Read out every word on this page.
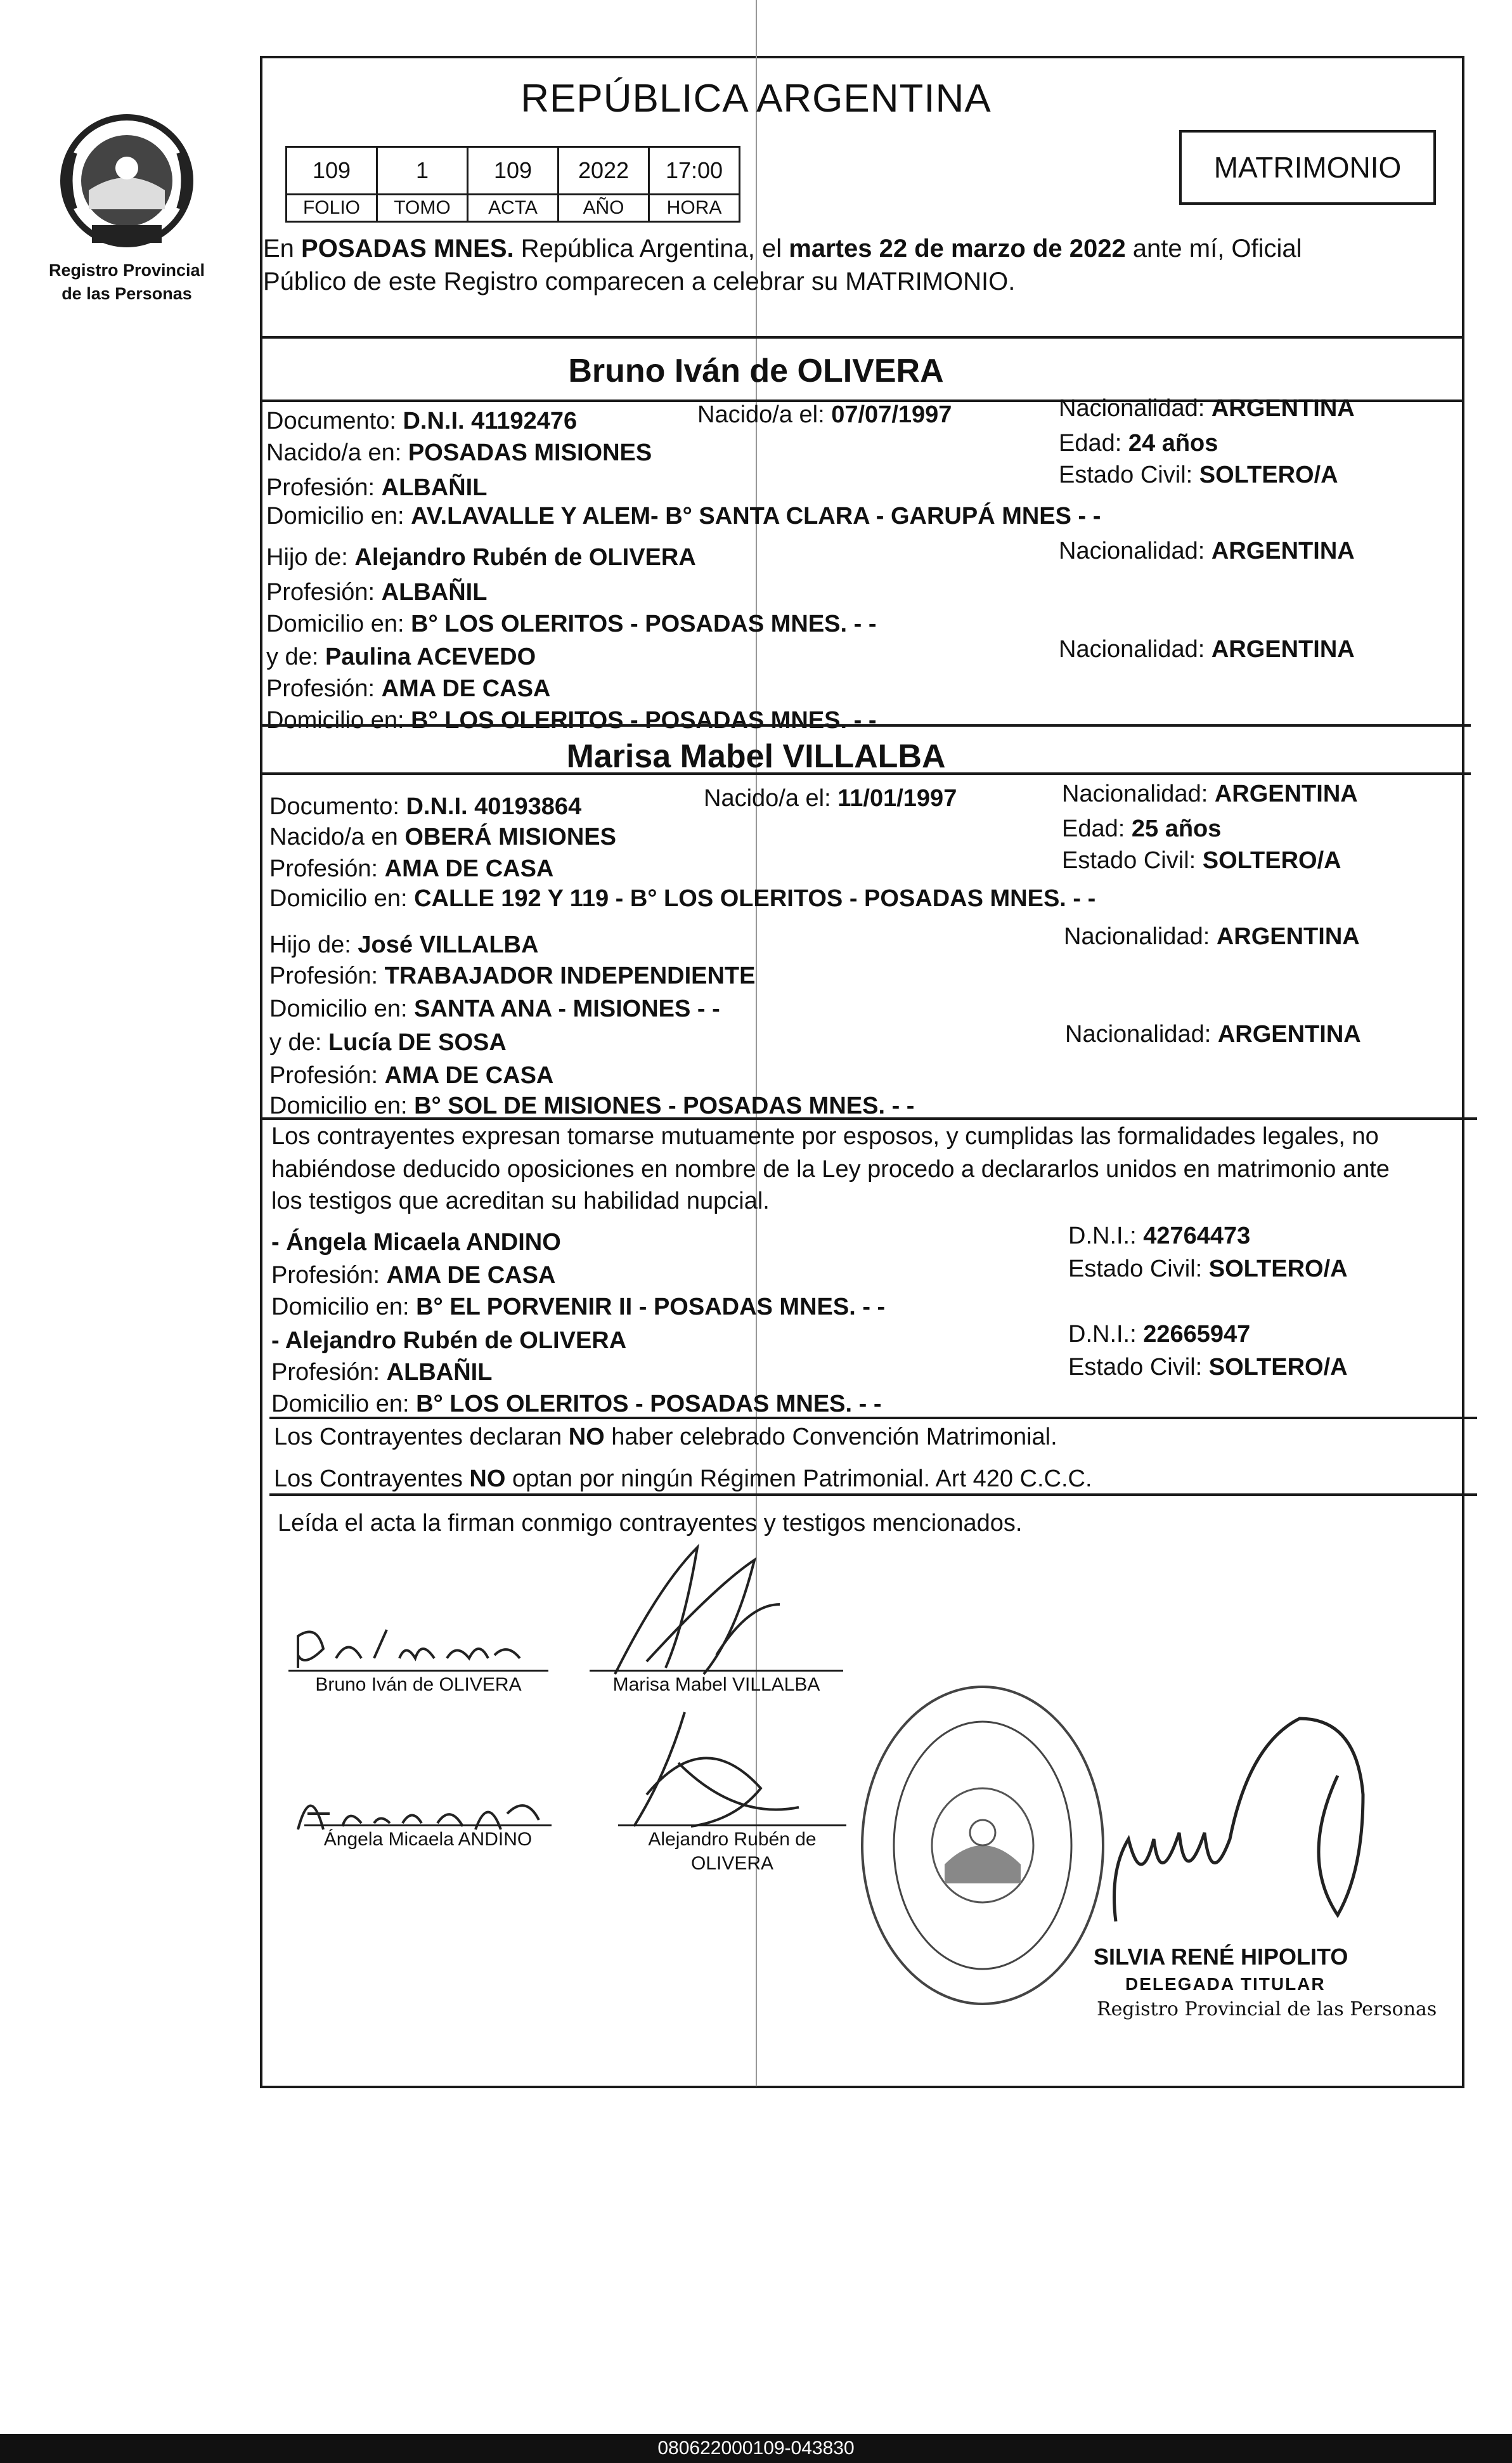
Registro Provincial
de las Personas
REPÚBLICA ARGENTINA
109	1	109	2022	17:00
FOLIO	TOMO	ACTA	AÑO	HORA
MATRIMONIO
En POSADAS MNES. República Argentina, el martes 22 de marzo de 2022 ante mí, Oficial
Público de este Registro comparecen a celebrar su MATRIMONIO.
Bruno Iván de OLIVERA
Documento: D.N.I. 41192476	Nacido/a el: 07/07/1997	Nacionalidad: ARGENTINA
Nacido/a en: POSADAS MISIONES	Edad: 24 años
Profesión: ALBAÑIL	Estado Civil: SOLTERO/A
Domicilio en: AV.LAVALLE Y ALEM- B° SANTA CLARA - GARUPÁ MNES - -
Hijo de: Alejandro Rubén de OLIVERA	Nacionalidad: ARGENTINA
Profesión: ALBAÑIL
Domicilio en: B° LOS OLERITOS - POSADAS MNES. - -
y de: Paulina ACEVEDO	Nacionalidad: ARGENTINA
Profesión: AMA DE CASA
Domicilio en: B° LOS OLERITOS - POSADAS MNES. - -
Marisa Mabel VILLALBA
Documento: D.N.I. 40193864	Nacido/a el: 11/01/1997	Nacionalidad: ARGENTINA
Nacido/a en OBERÁ MISIONES	Edad: 25 años
Profesión: AMA DE CASA	Estado Civil: SOLTERO/A
Domicilio en: CALLE 192 Y 119 - B° LOS OLERITOS - POSADAS MNES. - -
Hijo de: José VILLALBA	Nacionalidad: ARGENTINA
Profesión: TRABAJADOR INDEPENDIENTE
Domicilio en: SANTA ANA - MISIONES - -
y de: Lucía DE SOSA	Nacionalidad: ARGENTINA
Profesión: AMA DE CASA
Domicilio en: B° SOL DE MISIONES - POSADAS MNES. - -
Los contrayentes expresan tomarse mutuamente por esposos, y cumplidas las formalidades legales, no
habiéndose deducido oposiciones en nombre de la Ley procedo a declararlos unidos en matrimonio ante
los testigos que acreditan su habilidad nupcial.
- Ángela Micaela ANDINO	D.N.I.: 42764473
Profesión: AMA DE CASA	Estado Civil: SOLTERO/A
Domicilio en: B° EL PORVENIR II - POSADAS MNES. - -
- Alejandro Rubén de OLIVERA	D.N.I.: 22665947
Profesión: ALBAÑIL	Estado Civil: SOLTERO/A
Domicilio en: B° LOS OLERITOS - POSADAS MNES. - -
Los Contrayentes declaran NO haber celebrado Convención Matrimonial.
Los Contrayentes NO optan por ningún Régimen Patrimonial. Art 420 C.C.C.
Leída el acta la firman conmigo contrayentes y testigos mencionados.
Bruno Iván de OLIVERA	Marisa Mabel VILLALBA
Ángela Micaela ANDINO	Alejandro Rubén de
OLIVERA
SILVIA RENÉ HIPOLITO
DELEGADA TITULAR
Registro Provincial de las Personas
080622000109-043830
